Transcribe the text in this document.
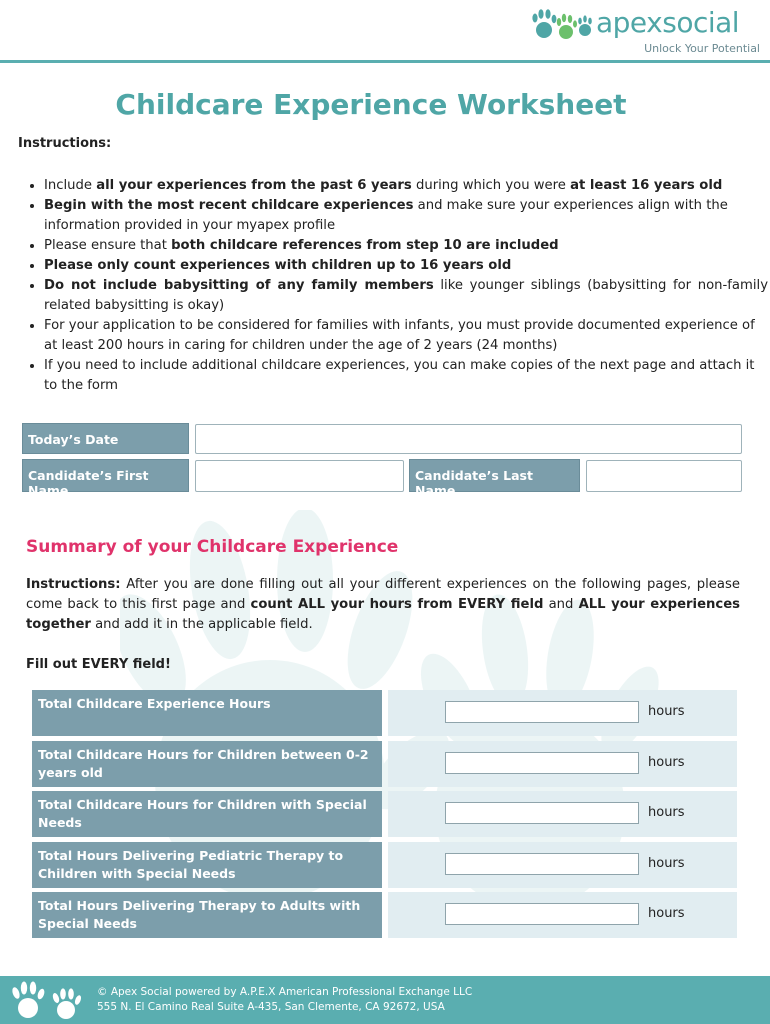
apexsocial
Unlock Your Potential
Childcare Experience Worksheet
Instructions:
• Include all your experiences from the past 6 years during which you were at least 16 years old
• Begin with the most recent childcare experiences and make sure your experiences align with the information provided in your myapex profile
• Please ensure that both childcare references from step 10 are included
• Please only count experiences with children up to 16 years old
• Do not include babysitting of any family members like younger siblings (babysitting for non-family related babysitting is okay)
• For your application to be considered for families with infants, you must provide documented experience of at least 200 hours in caring for children under the age of 2 years (24 months)
• If you need to include additional childcare experiences, you can make copies of the next page and attach it to the form
Today’s Date
Candidate’s First Name
Candidate’s Last Name
Summary of your Childcare Experience
Instructions: After you are done filling out all your different experiences on the following pages, please come back to this first page and count ALL your hours from EVERY field and ALL your experiences together and add it in the applicable field.
Fill out EVERY field!
Total Childcare Experience Hours
hours
Total Childcare Hours for Children between 0-2 years old
hours
Total Childcare Hours for Children with Special Needs
hours
Total Hours Delivering Pediatric Therapy to Children with Special Needs
hours
Total Hours Delivering Therapy to Adults with Special Needs
hours
© Apex Social powered by A.P.E.X American Professional Exchange LLC
555 N. El Camino Real Suite A-435, San Clemente, CA 92672, USA
